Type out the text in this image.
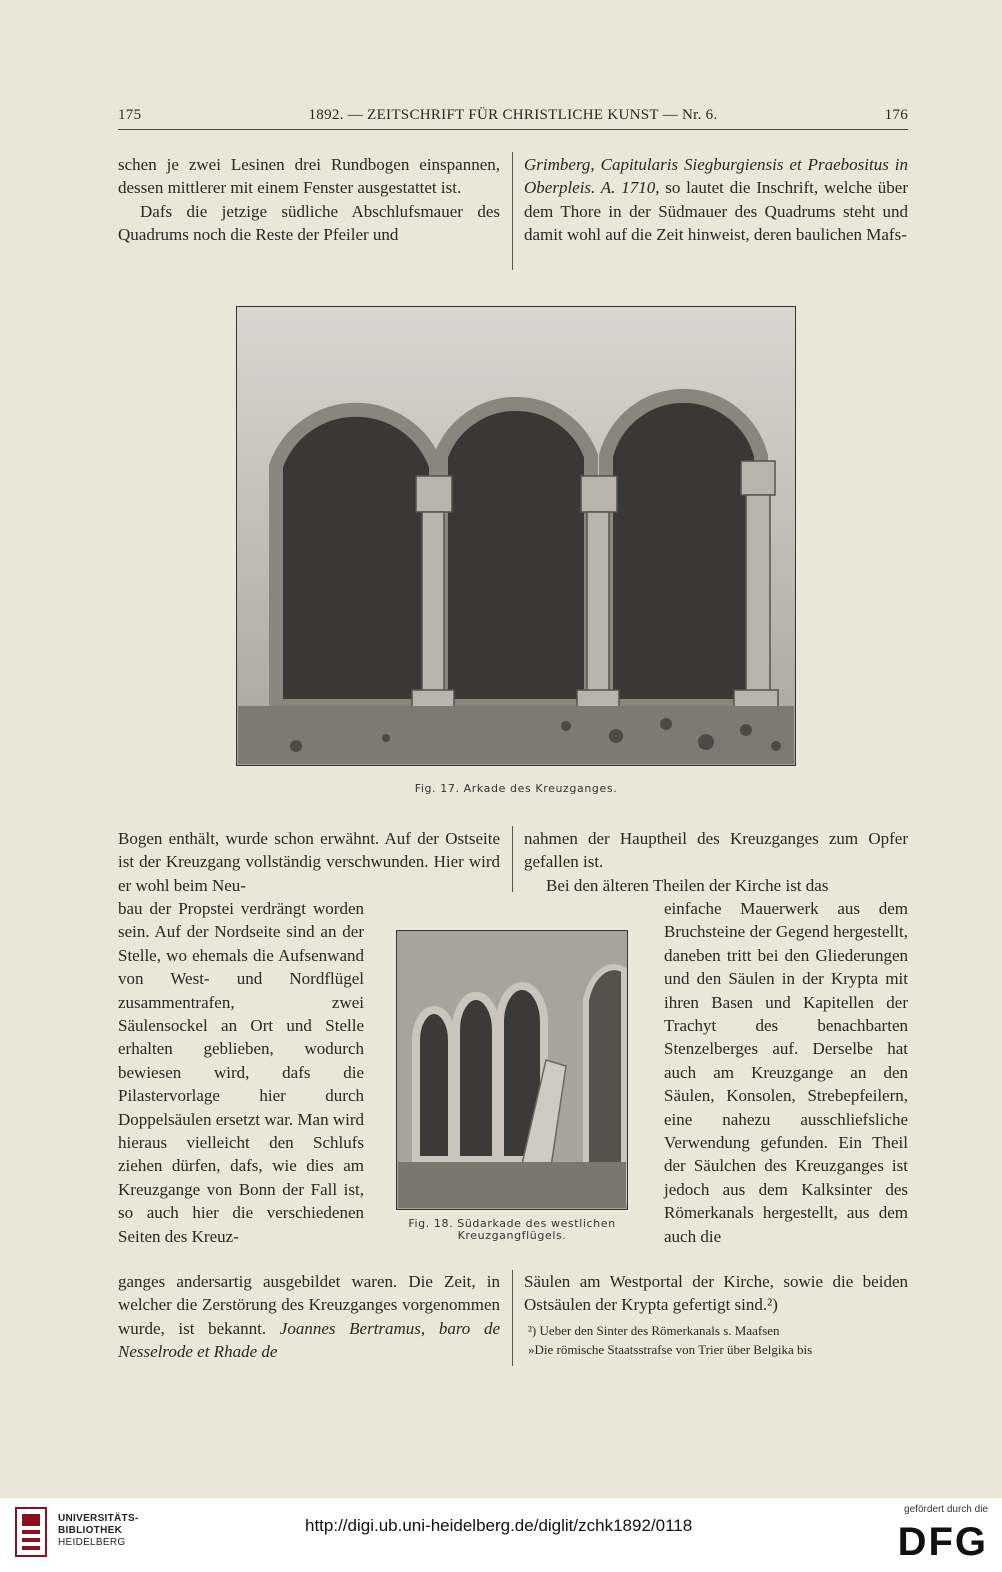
175	1892. — ZEITSCHRIFT FÜR CHRISTLICHE KUNST — Nr. 6.	176

schen je zwei Lesinen drei Rundbogen einspannen, dessen mittlerer mit einem Fenster ausgestattet ist.

Dafs die jetzige südliche Abschlufsmauer des Quadrums noch die Reste der Pfeiler und

Grimberg, Capitularis Siegburgiensis et Praebositus in Oberpleis. A. 1710, so lautet die Inschrift, welche über dem Thore in der Südmauer des Quadrums steht und damit wohl auf die Zeit hinweist, deren baulichen Mafs-

Fig. 17. Arkade des Kreuzganges.
Bogen enthält, wurde schon erwähnt. Auf der Ostseite ist der Kreuzgang vollständig verschwunden. Hier wird er wohl beim Neu-
bau der Propstei verdrängt worden sein. Auf der Nordseite sind an der Stelle, wo ehemals die Aufsenwand von West- und Nordflügel zusammentrafen, zwei Säulensockel an Ort und Stelle erhalten geblieben, wodurch bewiesen wird, dafs die Pilastervorlage hier durch Doppelsäulen ersetzt war. Man wird hieraus vielleicht den Schlufs ziehen dürfen, dafs, wie dies am Kreuzgange von Bonn der Fall ist, so auch hier die verschiedenen Seiten des Kreuz-
ganges andersartig ausgebildet waren. Die Zeit, in welcher die Zerstörung des Kreuzganges vorgenommen wurde, ist bekannt. Joannes Bertramus, baro de Nesselrode et Rhade de

nahmen der Hauptheil des Kreuzganges zum Opfer gefallen ist.

Bei den älteren Theilen der Kirche ist das

einfache Mauerwerk aus dem Bruchsteine der Gegend hergestellt, daneben tritt bei den Gliederungen und den Säulen in der Krypta mit ihren Basen und Kapitellen der Trachyt des benachbarten Stenzelberges auf. Derselbe hat auch am Kreuzgange an den Säulen, Konsolen, Strebepfeilern, eine nahezu ausschliefsliche Verwendung gefunden. Ein Theil der Säulchen des Kreuzganges ist jedoch aus dem Kalksinter des Römerkanals hergestellt, aus dem auch die
Säulen am Westportal der Kirche, sowie die beiden Ostsäulen der Krypta gefertigt sind.²)
Fig. 18. Südarkade des westlichen
Kreuzgangflügels.

²) Ueber den Sinter des Römerkanals s. Maafsen

»Die römische Staatsstrafse von Trier über Belgika bis

UNIVERSITÄTS-
BIBLIOTHEK
HEIDELBERG
http://digi.ub.uni-heidelberg.de/diglit/zchk1892/0118
gefördert durch die
DFG
